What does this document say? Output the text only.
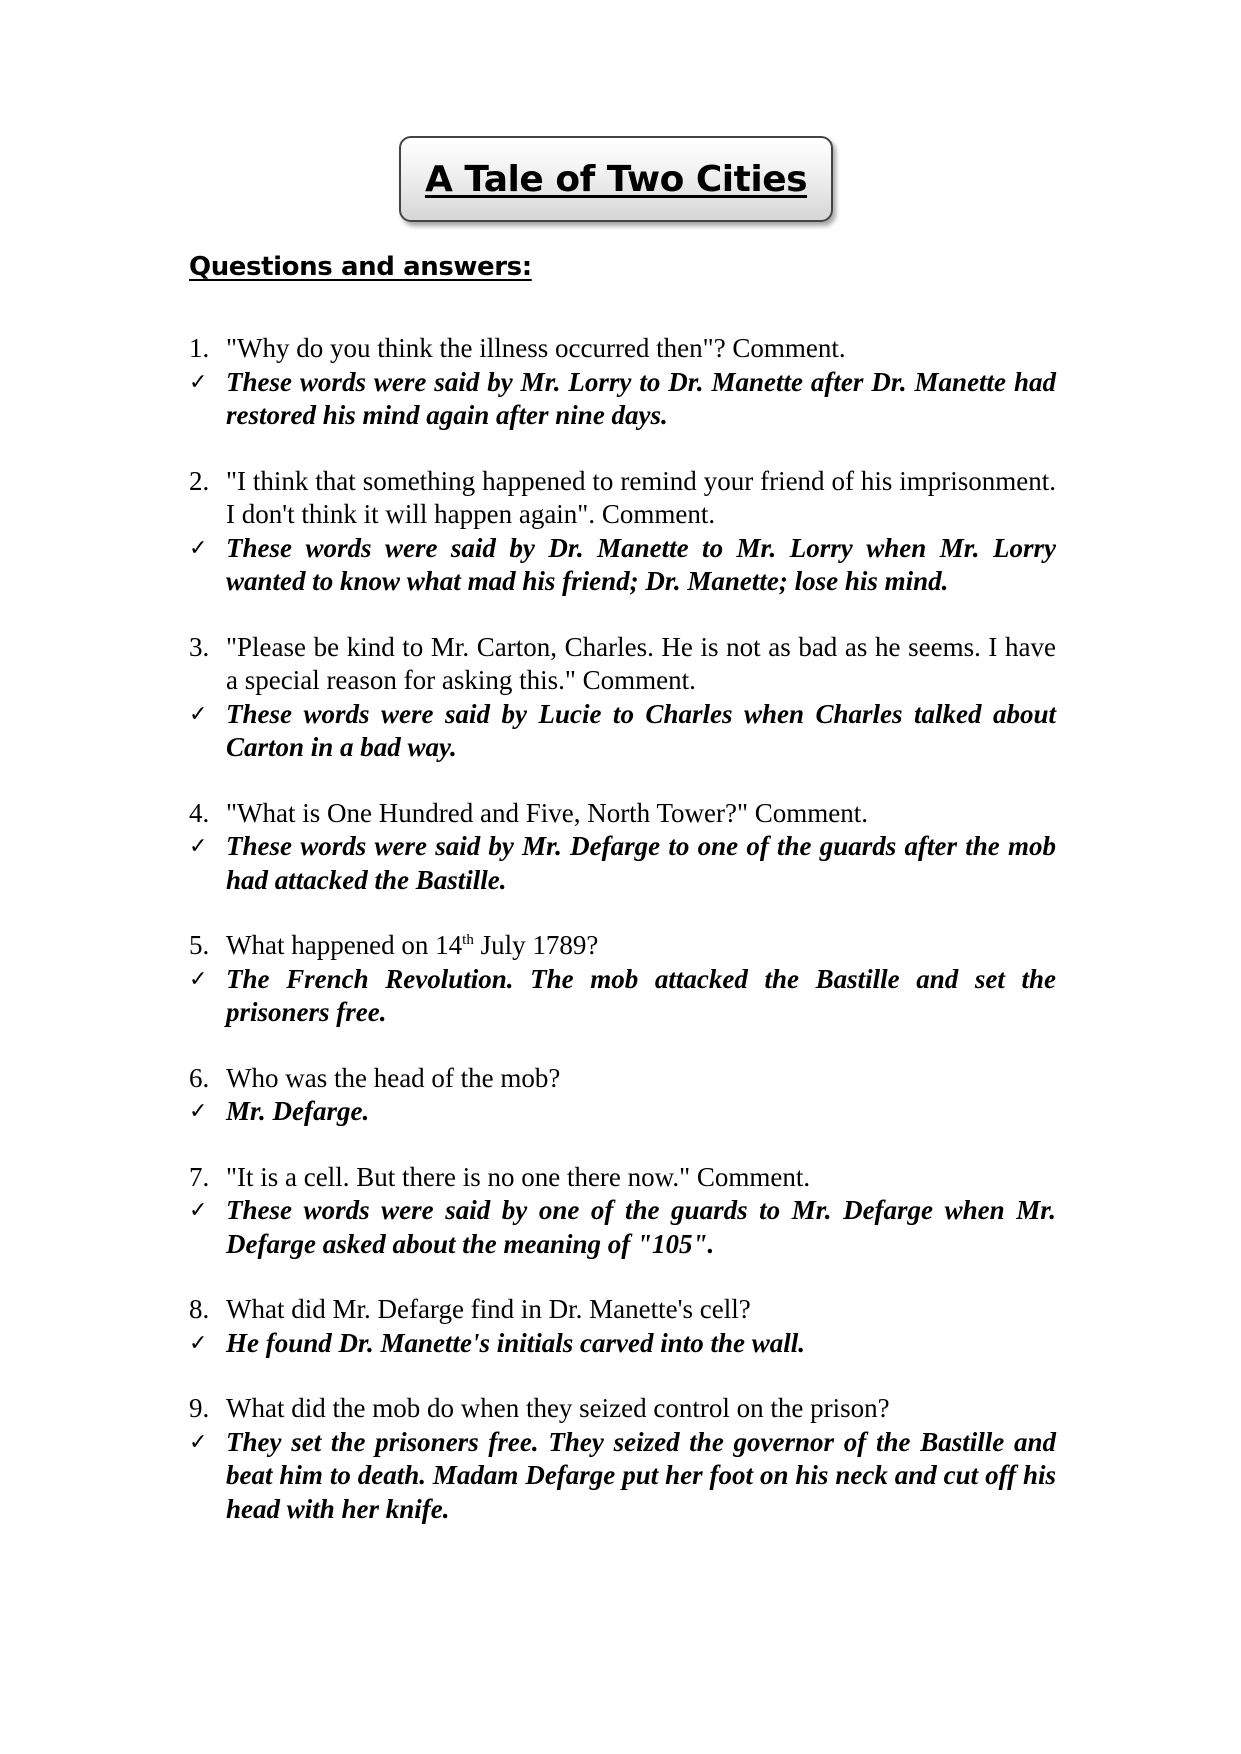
A Tale of Two Cities
Questions and answers:
1. "Why do you think the illness occurred then"? Comment.
✓ These words were said by Mr. Lorry to Dr. Manette after Dr. Manette had restored his mind again after nine days.
2. "I think that something happened to remind your friend of his imprisonment. I don't think it will happen again". Comment.
✓ These words were said by Dr. Manette to Mr. Lorry when Mr. Lorry wanted to know what mad his friend; Dr. Manette; lose his mind.
3. "Please be kind to Mr. Carton, Charles. He is not as bad as he seems. I have a special reason for asking this." Comment.
✓ These words were said by Lucie to Charles when Charles talked about Carton in a bad way.
4. "What is One Hundred and Five, North Tower?" Comment.
✓ These words were said by Mr. Defarge to one of the guards after the mob had attacked the Bastille.
5. What happened on 14th July 1789?
✓ The French Revolution. The mob attacked the Bastille and set the prisoners free.
6. Who was the head of the mob?
✓ Mr. Defarge.
7. "It is a cell. But there is no one there now." Comment.
✓ These words were said by one of the guards to Mr. Defarge when Mr. Defarge asked about the meaning of "105".
8. What did Mr. Defarge find in Dr. Manette's cell?
✓ He found Dr. Manette's initials carved into the wall.
9. What did the mob do when they seized control on the prison?
✓ They set the prisoners free. They seized the governor of the Bastille and beat him to death. Madam Defarge put her foot on his neck and cut off his head with her knife.
